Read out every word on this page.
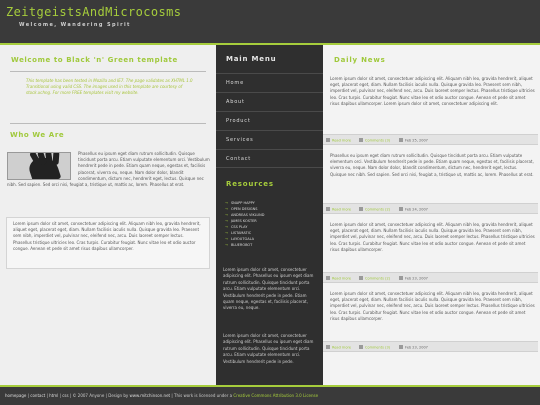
ZeitgeistsAndMicrocosms
Welcome, Wandering Spirit
Welcome to Black 'n' Green template
This template has been tested in Mozilla and IE7. The page validates as XHTML 1.0 Transitional using valid CSS. The images used in this template are courtesy of stock.xchng. For more FREE templates visit my website.
Who We Are
Phasellus eu ipsum eget diam rutrum sollicitudin. Quisque tincidunt porta arcu. Etiam vulputate elementum orci. Vestibulum hendrerit pede in pede. Etiam quam neque, egestas et, facilisis placerat, viverra eu, neque. Nam dolor dolor, blandit condimentum, dictum nec, hendrerit eget, lectus. Quisque nec nibh. Sed sapien. Sed orci nisi, feugiat a, tristique ut, mattis ac, lorem. Phasellus at erat.
Lorem ipsum dolor sit amet, consectetuer adipiscing elit. Aliquam nibh leo, gravida hendrerit, aliquet eget, placerat eget, diam. Nullam facilisis iaculis nulla. Quisque gravida leo. Praesent sem nibh, imperdiet vel, pulvinar nec, eleifend nec, arcu. Duis laoreet semper lectus. Phasellus tristique ultricies leo. Cras turpis. Curabitur feugiat. Nunc vitae leo et odio auctor congue. Aenean et pede sit amet risus dapibus ullamcorper.
Main Menu
Home
About
Product
Services
Contact
Resources
→ SNAPP HAPPY
→ OPEN DESIGNS
→ ANDREAS VIKLUND
→ JAMES KOSTER
→ CSS PLAY
→ LISTAMATIC
→ LAYOUTGALA
→ BLUEROBOT
Lorem ipsum dolor sit amet, consectetuer adipiscing elit. Phasellus eu ipsum eget diam rutrum sollicitudin. Quisque tincidunt porta arcu. Etiam vulputate elementum orci. Vestibulum hendrerit pede in pede. Etiam quam neque, egestas et, facilisis placerat, viverra eu, neque.
Lorem ipsum dolor sit amet, consectetuer adipiscing elit. Phasellus eu ipsum eget diam rutrum sollicitudin. Quisque tincidunt porta arcu. Etiam vulputate elementum orci. Vestibulum hendrerit pede in pede.
Daily News
Lorem ipsum dolor sit amet, consectetuer adipiscing elit. Aliquam nibh leo, gravida hendrerit, aliquet eget, placerat eget, diam. Nullam facilisis iaculis nulla. Quisque gravida leo. Praesent sem nibh, imperdiet vel, pulvinar nec, eleifend nec, arcu. Duis laoreet semper lectus. Phasellus tristique ultricies leo. Cras turpis. Curabitur feugiat. Nunc vitae leo et odio auctor congue. Aenean et pede sit amet risus dapibus ullamcorper. Lorem ipsum dolor sit amet, consectetuer adipiscing elit.
Read more	Comments (3)	Feb 25, 2007
Phasellus eu ipsum eget diam rutrum sollicitudin. Quisque tincidunt porta arcu. Etiam vulputate elementum orci. Vestibulum hendrerit pede in pede. Etiam quam neque, egestas et, facilisis placerat, viverra eu, neque. Nam dolor dolor, blandit condimentum, dictum nec, hendrerit eget, lectus. Quisque nec nibh. Sed sapien. Sed orci nisi, feugiat a, tristique ut, mattis ac, lorem. Phasellus at erat.
Read more	Comments (2)	Feb 24, 2007
Lorem ipsum dolor sit amet, consectetuer adipiscing elit. Aliquam nibh leo, gravida hendrerit, aliquet eget, placerat eget, diam. Nullam facilisis iaculis nulla. Quisque gravida leo. Praesent sem nibh, imperdiet vel, pulvinar nec, eleifend nec, arcu. Duis laoreet semper lectus. Phasellus tristique ultricies leo. Cras turpis. Curabitur feugiat. Nunc vitae leo et odio auctor congue. Aenean et pede sit amet risus dapibus ullamcorper.
Read more	Comments (2)	Feb 23, 2007
Lorem ipsum dolor sit amet, consectetuer adipiscing elit. Aliquam nibh leo, gravida hendrerit, aliquet eget, placerat eget, diam. Nullam facilisis iaculis nulla. Quisque gravida leo. Praesent sem nibh, imperdiet vel, pulvinar nec, eleifend nec, arcu. Duis laoreet semper lectus. Phasellus tristique ultricies leo. Cras turpis. Curabitur feugiat. Nunc vitae leo et odio auctor congue. Aenean et pede sit amet risus dapibus ullamcorper.
Read more	Comments (3)	Feb 23, 2007
homepage | contact | html | css | © 2007 Anyone | Design by www.mitchinson.net | This work is licensed under a Creative Commons Attribution 3.0 License
